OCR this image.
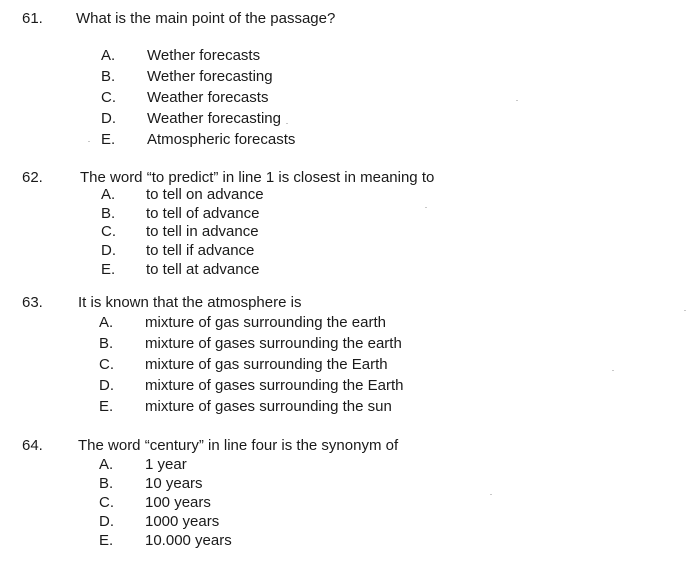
61. What is the main point of the passage?
A. Wether forecasts
B. Wether forecasting
C. Weather forecasts
D. Weather forecasting
E. Atmospheric forecasts
62. The word “to predict” in line 1 is closest in meaning to
A. to tell on advance
B. to tell of advance
C. to tell in advance
D. to tell if advance
E. to tell at advance
63. It is known that the atmosphere is
A. mixture of gas surrounding the earth
B. mixture of gases surrounding the earth
C. mixture of gas surrounding the Earth
D. mixture of gases surrounding the Earth
E. mixture of gases surrounding the sun
64. The word “century” in line four is the synonym of
A. 1 year
B. 10 years
C. 100 years
D. 1000 years
E. 10.000 years
